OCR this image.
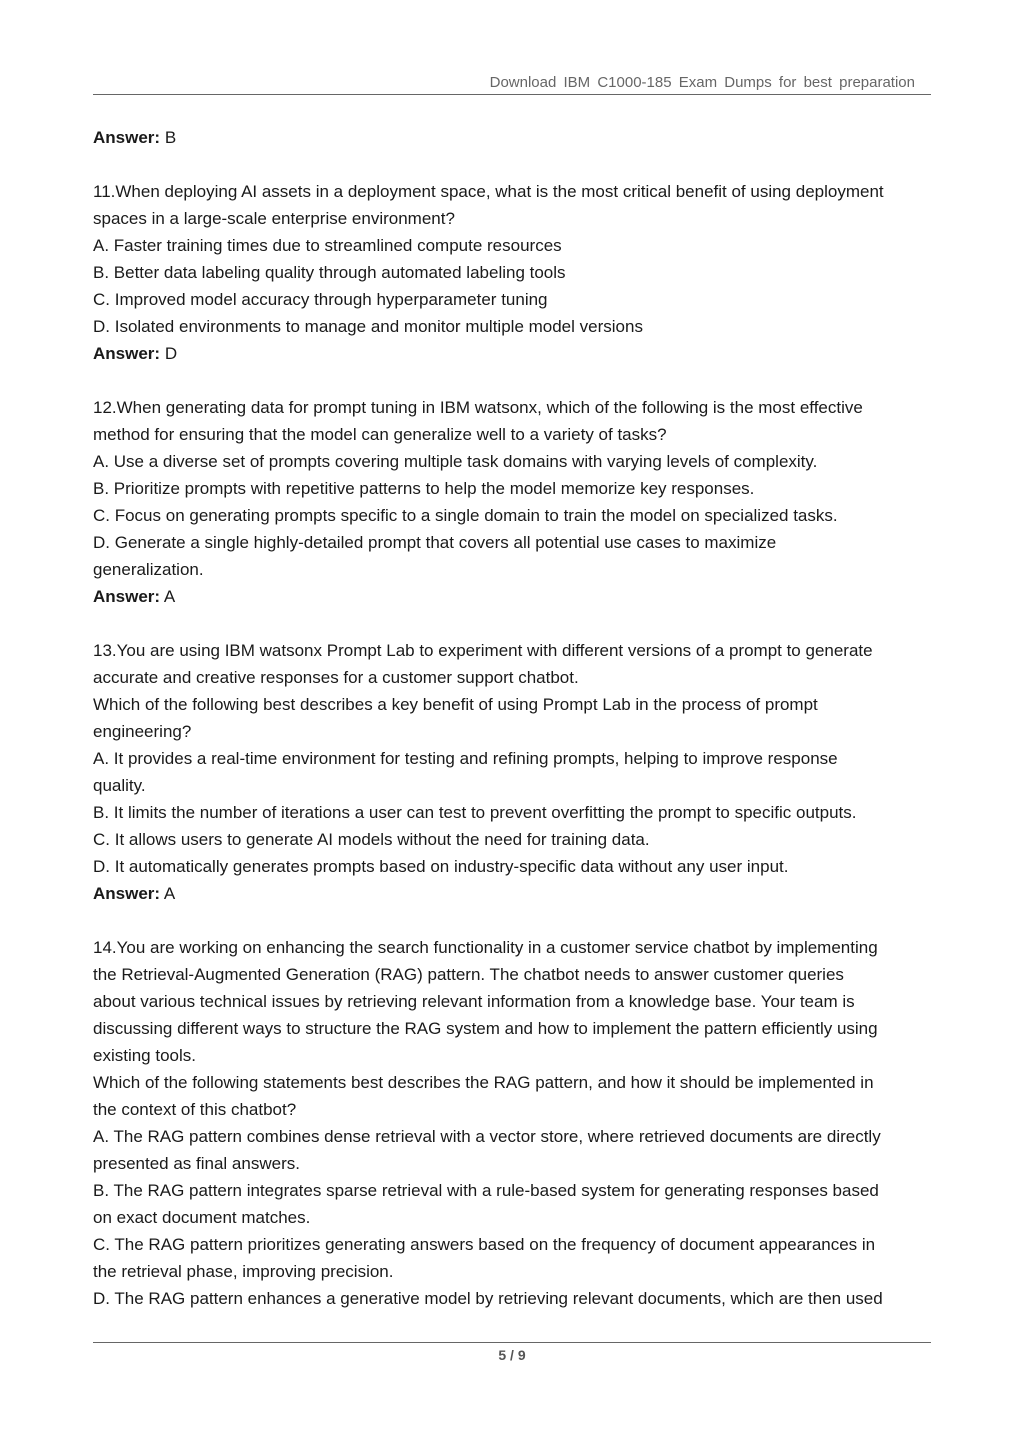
Download IBM C1000-185 Exam Dumps for best preparation
Answer: B
11.When deploying AI assets in a deployment space, what is the most critical benefit of using deployment
spaces in a large-scale enterprise environment?
A. Faster training times due to streamlined compute resources
B. Better data labeling quality through automated labeling tools
C. Improved model accuracy through hyperparameter tuning
D. Isolated environments to manage and monitor multiple model versions
Answer: D
12.When generating data for prompt tuning in IBM watsonx, which of the following is the most effective
method for ensuring that the model can generalize well to a variety of tasks?
A. Use a diverse set of prompts covering multiple task domains with varying levels of complexity.
B. Prioritize prompts with repetitive patterns to help the model memorize key responses.
C. Focus on generating prompts specific to a single domain to train the model on specialized tasks.
D. Generate a single highly-detailed prompt that covers all potential use cases to maximize
generalization.
Answer: A
13.You are using IBM watsonx Prompt Lab to experiment with different versions of a prompt to generate
accurate and creative responses for a customer support chatbot.
Which of the following best describes a key benefit of using Prompt Lab in the process of prompt
engineering?
A. It provides a real-time environment for testing and refining prompts, helping to improve response
quality.
B. It limits the number of iterations a user can test to prevent overfitting the prompt to specific outputs.
C. It allows users to generate AI models without the need for training data.
D. It automatically generates prompts based on industry-specific data without any user input.
Answer: A
14.You are working on enhancing the search functionality in a customer service chatbot by implementing
the Retrieval-Augmented Generation (RAG) pattern. The chatbot needs to answer customer queries
about various technical issues by retrieving relevant information from a knowledge base. Your team is
discussing different ways to structure the RAG system and how to implement the pattern efficiently using
existing tools.
Which of the following statements best describes the RAG pattern, and how it should be implemented in
the context of this chatbot?
A. The RAG pattern combines dense retrieval with a vector store, where retrieved documents are directly
presented as final answers.
B. The RAG pattern integrates sparse retrieval with a rule-based system for generating responses based
on exact document matches.
C. The RAG pattern prioritizes generating answers based on the frequency of document appearances in
the retrieval phase, improving precision.
D. The RAG pattern enhances a generative model by retrieving relevant documents, which are then used
5 / 9
